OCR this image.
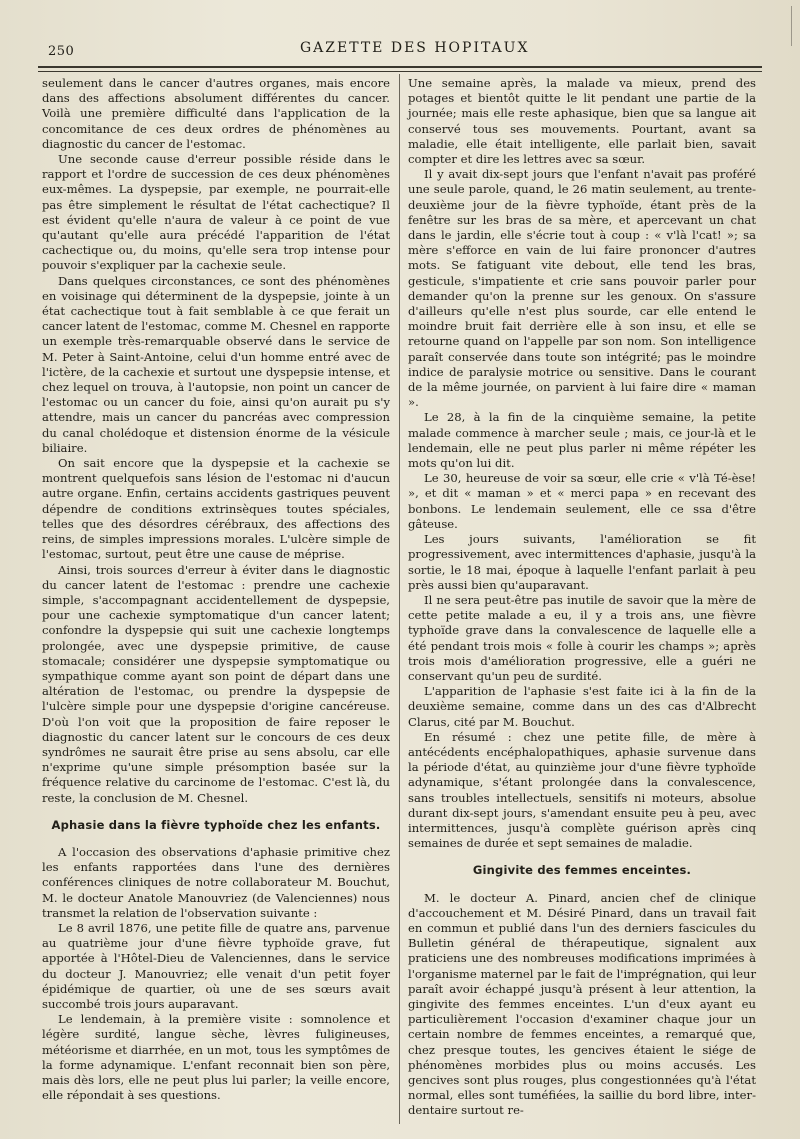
250	GAZETTE DES HOPITAUX

seulement dans le cancer d'autres organes, mais encore dans des affections absolument différentes du cancer. Voilà une première difficulté dans l'application de la concomitance de ces deux ordres de phénomènes au diagnostic du cancer de l'estomac.

Une seconde cause d'erreur possible réside dans le rapport et l'ordre de succession de ces deux phénomènes eux-mêmes. La dyspepsie, par exemple, ne pourrait-elle pas être simplement le résultat de l'état cachectique? Il est évident qu'elle n'aura de valeur à ce point de vue qu'autant qu'elle aura précédé l'apparition de l'état cachectique ou, du moins, qu'elle sera trop intense pour pouvoir s'expliquer par la cachexie seule.

Dans quelques circonstances, ce sont des phénomènes en voisinage qui déterminent de la dyspepsie, jointe à un état cachectique tout à fait semblable à ce que ferait un cancer latent de l'estomac, comme M. Chesnel en rapporte un exemple très-remarquable observé dans le service de M. Peter à Saint-Antoine, celui d'un homme entré avec de l'ictère, de la cachexie et surtout une dyspepsie intense, et chez lequel on trouva, à l'autopsie, non point un cancer de l'estomac ou un cancer du foie, ainsi qu'on aurait pu s'y attendre, mais un cancer du pancréas avec compression du canal cholédoque et distension énorme de la vésicule biliaire.

On sait encore que la dyspepsie et la cachexie se montrent quelquefois sans lésion de l'estomac ni d'aucun autre organe. Enfin, certains accidents gastriques peuvent dépendre de conditions extrinsèques toutes spéciales, telles que des désordres cérébraux, des affections des reins, de simples impressions morales. L'ulcère simple de l'estomac, surtout, peut être une cause de méprise.

Ainsi, trois sources d'erreur à éviter dans le diagnostic du cancer latent de l'estomac : prendre une cachexie simple, s'accompagnant accidentellement de dyspepsie, pour une cachexie symptomatique d'un cancer latent; confondre la dyspepsie qui suit une cachexie longtemps prolongée, avec une dyspepsie primitive, de cause stomacale; considérer une dyspepsie symptomatique ou sympathique comme ayant son point de départ dans une altération de l'estomac, ou prendre la dyspepsie de l'ulcère simple pour une dyspepsie d'origine cancéreuse. D'où l'on voit que la proposition de faire reposer le diagnostic du cancer latent sur le concours de ces deux syndrômes ne saurait être prise au sens absolu, car elle n'exprime qu'une simple présomption basée sur la fréquence relative du carcinome de l'estomac. C'est là, du reste, la conclusion de M. Chesnel.

Aphasie dans la fièvre typhoïde chez les enfants.

A l'occasion des observations d'aphasie primitive chez les enfants rapportées dans l'une des dernières conférences cliniques de notre collaborateur M. Bouchut, M. le docteur Anatole Manouvriez (de Valenciennes) nous transmet la relation de l'observation suivante :

Le 8 avril 1876, une petite fille de quatre ans, parvenue au quatrième jour d'une fièvre typhoïde grave, fut apportée à l'Hôtel-Dieu de Valenciennes, dans le service du docteur J. Manouvriez; elle venait d'un petit foyer épidémique de quartier, où une de ses sœurs avait succombé trois jours auparavant.

Le lendemain, à la première visite : somnolence et légère surdité, langue sèche, lèvres fuligineuses, météorisme et diarrhée, en un mot, tous les symptômes de la forme adynamique. L'enfant reconnait bien son père, mais dès lors, elle ne peut plus lui parler; la veille encore, elle répondait à ses questions.

Une semaine après, la malade va mieux, prend des potages et bientôt quitte le lit pendant une partie de la journée; mais elle reste aphasique, bien que sa langue ait conservé tous ses mouvements. Pourtant, avant sa maladie, elle était intelligente, elle parlait bien, savait compter et dire les lettres avec sa sœur.

Il y avait dix-sept jours que l'enfant n'avait pas proféré une seule parole, quand, le 26 matin seulement, au trente-deuxième jour de la fièvre typhoïde, étant près de la fenêtre sur les bras de sa mère, et apercevant un chat dans le jardin, elle s'écrie tout à coup : « v'là l'cat! »; sa mère s'efforce en vain de lui faire prononcer d'autres mots. Se fatiguant vite debout, elle tend les bras, gesticule, s'impatiente et crie sans pouvoir parler pour demander qu'on la prenne sur les genoux. On s'assure d'ailleurs qu'elle n'est plus sourde, car elle entend le moindre bruit fait derrière elle à son insu, et elle se retourne quand on l'appelle par son nom. Son intelligence paraît conservée dans toute son intégrité; pas le moindre indice de paralysie motrice ou sensitive. Dans le courant de la même journée, on parvient à lui faire dire « maman ».

Le 28, à la fin de la cinquième semaine, la petite malade commence à marcher seule ; mais, ce jour-là et le lendemain, elle ne peut plus parler ni même répéter les mots qu'on lui dit.

Le 30, heureuse de voir sa sœur, elle crie « v'là Té-èse! », et dit « maman » et « merci papa » en recevant des bonbons. Le lendemain seulement, elle ce ssa d'être gâteuse.

Les jours suivants, l'amélioration se fit progressivement, avec intermittences d'aphasie, jusqu'à la sortie, le 18 mai, époque à laquelle l'enfant parlait à peu près aussi bien qu'auparavant.

Il ne sera peut-être pas inutile de savoir que la mère de cette petite malade a eu, il y a trois ans, une fièvre typhoïde grave dans la convalescence de laquelle elle a été pendant trois mois « folle à courir les champs »; après trois mois d'amélioration progressive, elle a guéri ne conservant qu'un peu de surdité.

L'apparition de l'aphasie s'est faite ici à la fin de la deuxième semaine, comme dans un des cas d'Albrecht Clarus, cité par M. Bouchut.

En résumé : chez une petite fille, de mère à antécédents encéphalopathiques, aphasie survenue dans la période d'état, au quinzième jour d'une fièvre typhoïde adynamique, s'étant prolongée dans la convalescence, sans troubles intellectuels, sensitifs ni moteurs, absolue durant dix-sept jours, s'amendant ensuite peu à peu, avec intermittences, jusqu'à complète guérison après cinq semaines de durée et sept semaines de maladie.

Gingivite des femmes enceintes.

M. le docteur A. Pinard, ancien chef de clinique d'accouchement et M. Désiré Pinard, dans un travail fait en commun et publié dans l'un des derniers fascicules du Bulletin général de thérapeutique, signalent aux praticiens une des nombreuses modifications imprimées à l'organisme maternel par le fait de l'imprégnation, qui leur paraît avoir échappé jusqu'à présent à leur attention, la gingivite des femmes enceintes. L'un d'eux ayant eu particulièrement l'occasion d'examiner chaque jour un certain nombre de femmes enceintes, a remarqué que, chez presque toutes, les gencives étaient le siége de phénomènes morbides plus ou moins accusés. Les gencives sont plus rouges, plus congestionnées qu'à l'état normal, elles sont tuméfiées, la saillie du bord libre, inter-dentaire surtout re-
